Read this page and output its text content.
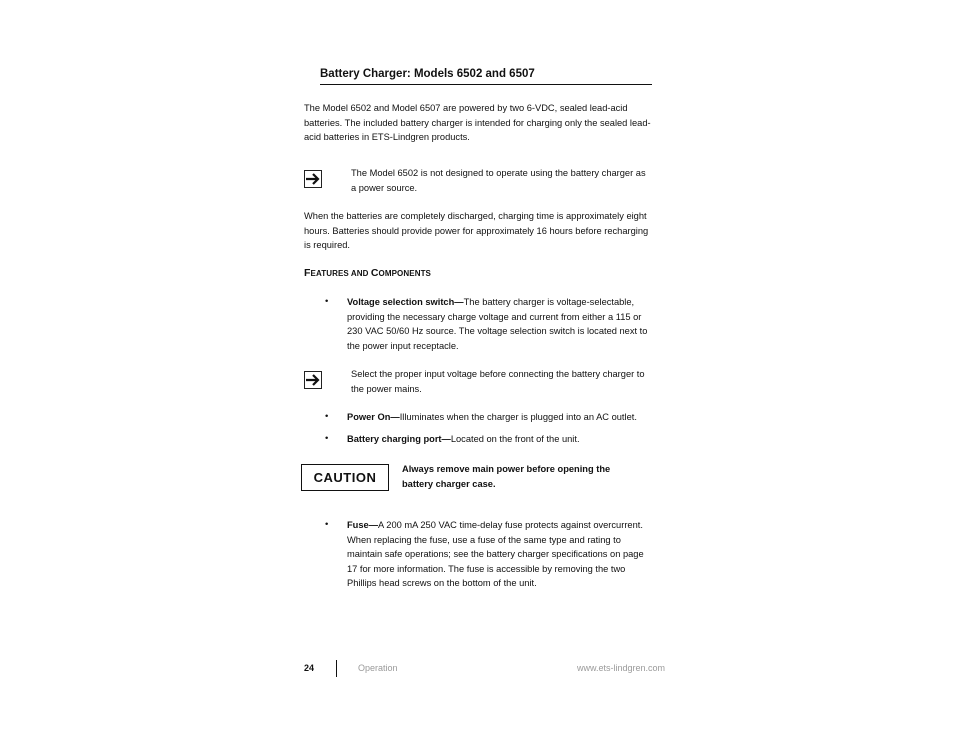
Battery Charger: Models 6502 and 6507
The Model 6502 and Model 6507 are powered by two 6-VDC, sealed lead-acid batteries. The included battery charger is intended for charging only the sealed lead-acid batteries in ETS-Lindgren products.
The Model 6502 is not designed to operate using the battery charger as a power source.
When the batteries are completely discharged, charging time is approximately eight hours. Batteries should provide power for approximately 16 hours before recharging is required.
FEATURES AND COMPONENTS
• Voltage selection switch—The battery charger is voltage-selectable, providing the necessary charge voltage and current from either a 115 or 230 VAC 50/60 Hz source. The voltage selection switch is located next to the power input receptacle.
Select the proper input voltage before connecting the battery charger to the power mains.
• Power On—Illuminates when the charger is plugged into an AC outlet.
• Battery charging port—Located on the front of the unit.
CAUTION
Always remove main power before opening the battery charger case.
• Fuse—A 200 mA 250 VAC time-delay fuse protects against overcurrent. When replacing the fuse, use a fuse of the same type and rating to maintain safe operations; see the battery charger specifications on page 17 for more information. The fuse is accessible by removing the two Phillips head screws on the bottom of the unit.
24	Operation	www.ets-lindgren.com
